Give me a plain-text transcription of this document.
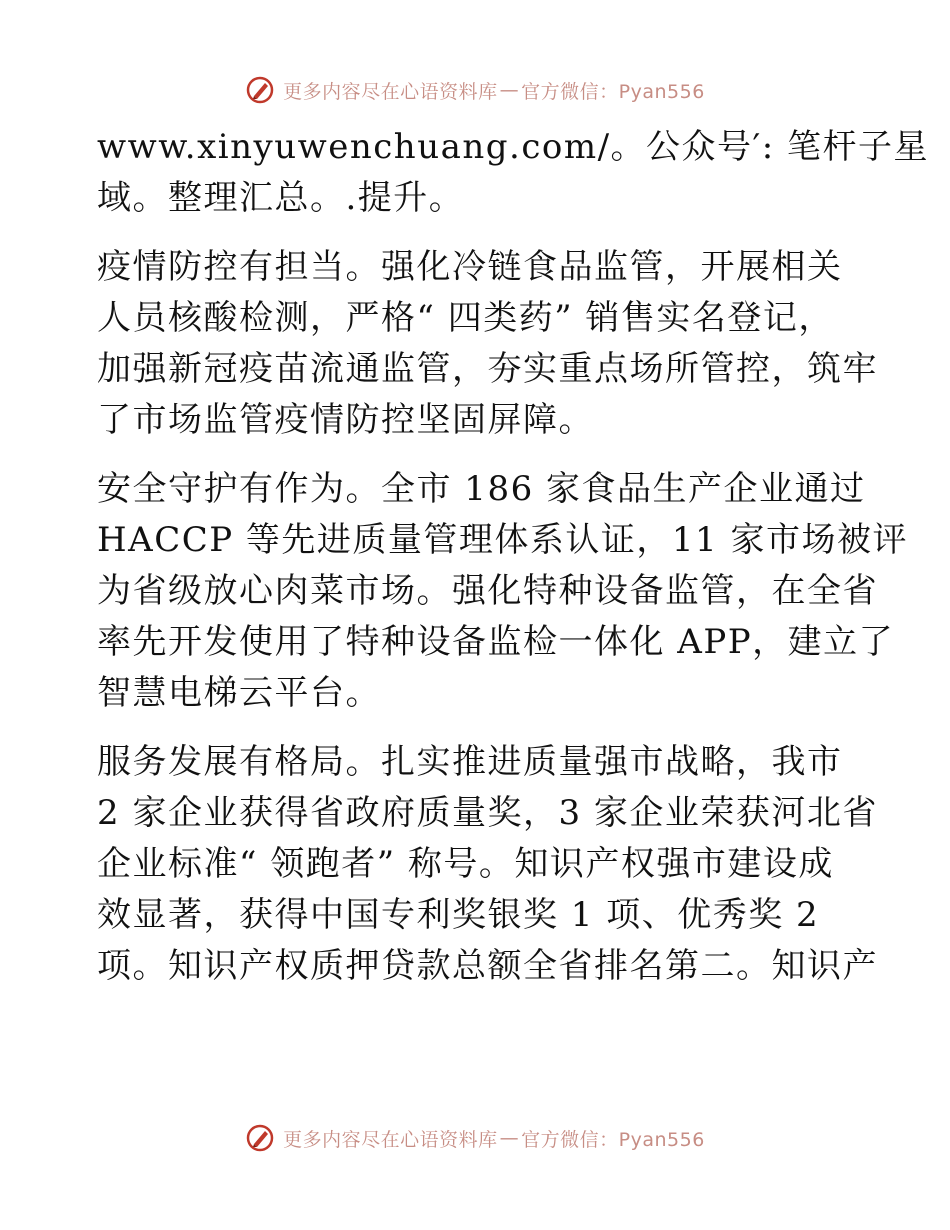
更多内容尽在心语资料库 — 官方微信：Pyan556
www.xinyuwenchuang.com/。公众号′: 笔杆子星
域。整理汇总。.提升。
疫情防控有担当。强化冷链食品监管，开展相关
人员核酸检测，严格“ 四类药” 销售实名登记，
加强新冠疫苗流通监管，夯实重点场所管控，筑牢
了市场监管疫情防控坚固屏障。
安全守护有作为。全市 186 家食品生产企业通过
HACCP 等先进质量管理体系认证，11 家市场被评
为省级放心肉菜市场。强化特种设备监管，在全省
率先开发使用了特种设备监检一体化 APP，建立了
智慧电梯云平台。
服务发展有格局。扎实推进质量强市战略，我市
2 家企业获得省政府质量奖，3 家企业荣获河北省
企业标准“ 领跑者” 称号。知识产权强市建设成
效显著，获得中国专利奖银奖 1 项、优秀奖 2
项。知识产权质押贷款总额全省排名第二。知识产
更多内容尽在心语资料库 — 官方微信：Pyan556
